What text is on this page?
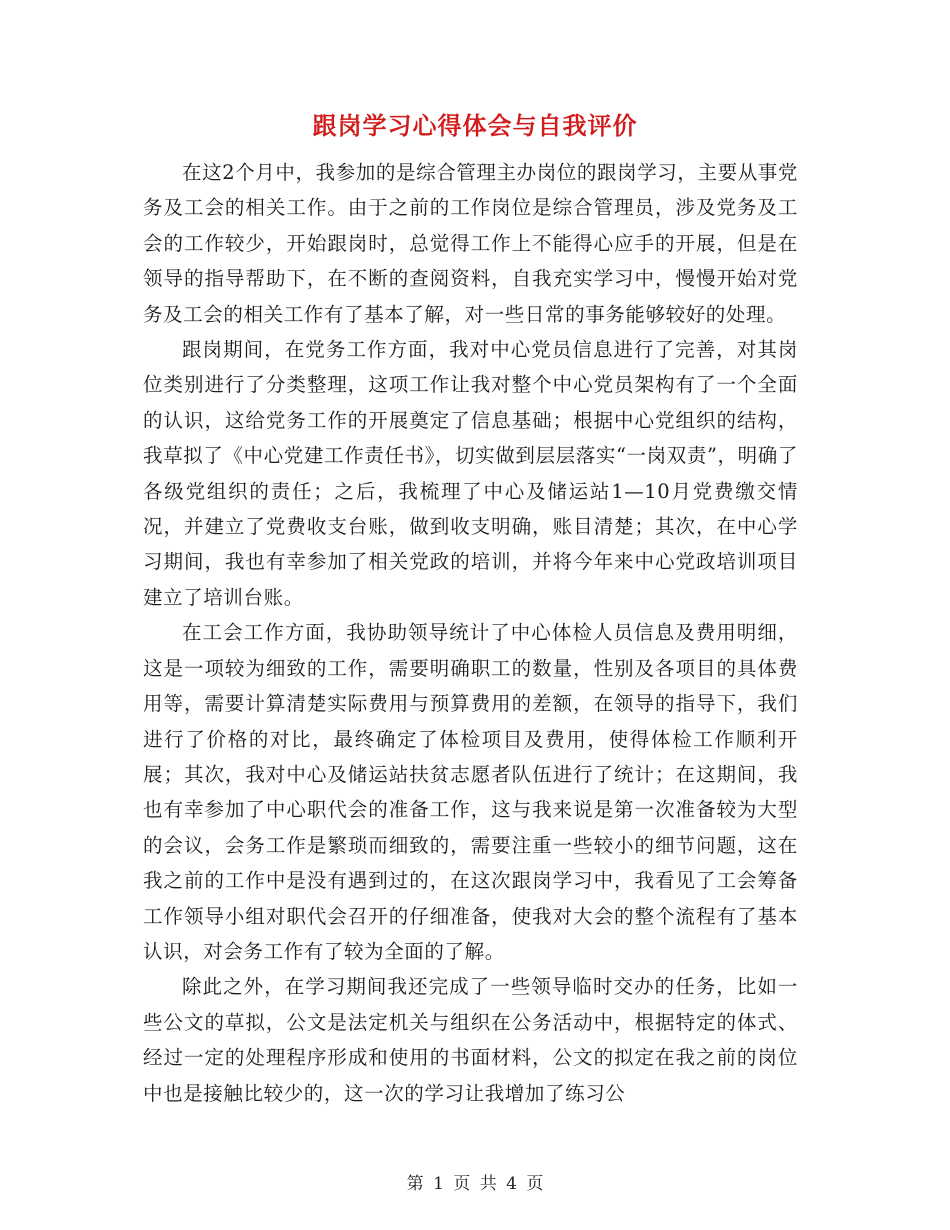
跟岗学习心得体会与自我评价

在这2个月中，我参加的是综合管理主办岗位的跟岗学习，主要从事党务及工会的相关工作。由于之前的工作岗位是综合管理员，涉及党务及工会的工作较少，开始跟岗时，总觉得工作上不能得心应手的开展，但是在领导的指导帮助下，在不断的查阅资料，自我充实学习中，慢慢开始对党务及工会的相关工作有了基本了解，对一些日常的事务能够较好的处理。

跟岗期间，在党务工作方面，我对中心党员信息进行了完善，对其岗位类别进行了分类整理，这项工作让我对整个中心党员架构有了一个全面的认识，这给党务工作的开展奠定了信息基础；根据中心党组织的结构，我草拟了《中心党建工作责任书》，切实做到层层落实“一岗双责”，明确了各级党组织的责任；之后，我梳理了中心及储运站1—10月党费缴交情况，并建立了党费收支台账，做到收支明确，账目清楚；其次，在中心学习期间，我也有幸参加了相关党政的培训，并将今年来中心党政培训项目建立了培训台账。

在工会工作方面，我协助领导统计了中心体检人员信息及费用明细，这是一项较为细致的工作，需要明确职工的数量，性别及各项目的具体费用等，需要计算清楚实际费用与预算费用的差额，在领导的指导下，我们进行了价格的对比，最终确定了体检项目及费用，使得体检工作顺利开展；其次，我对中心及储运站扶贫志愿者队伍进行了统计；在这期间，我也有幸参加了中心职代会的准备工作，这与我来说是第一次准备较为大型的会议，会务工作是繁琐而细致的，需要注重一些较小的细节问题，这在我之前的工作中是没有遇到过的，在这次跟岗学习中，我看见了工会筹备工作领导小组对职代会召开的仔细准备，使我对大会的整个流程有了基本认识，对会务工作有了较为全面的了解。

除此之外，在学习期间我还完成了一些领导临时交办的任务，比如一些公文的草拟，公文是法定机关与组织在公务活动中，根据特定的体式、经过一定的处理程序形成和使用的书面材料，公文的拟定在我之前的岗位中也是接触比较少的，这一次的学习让我增加了练习公

第 1 页 共 4 页
